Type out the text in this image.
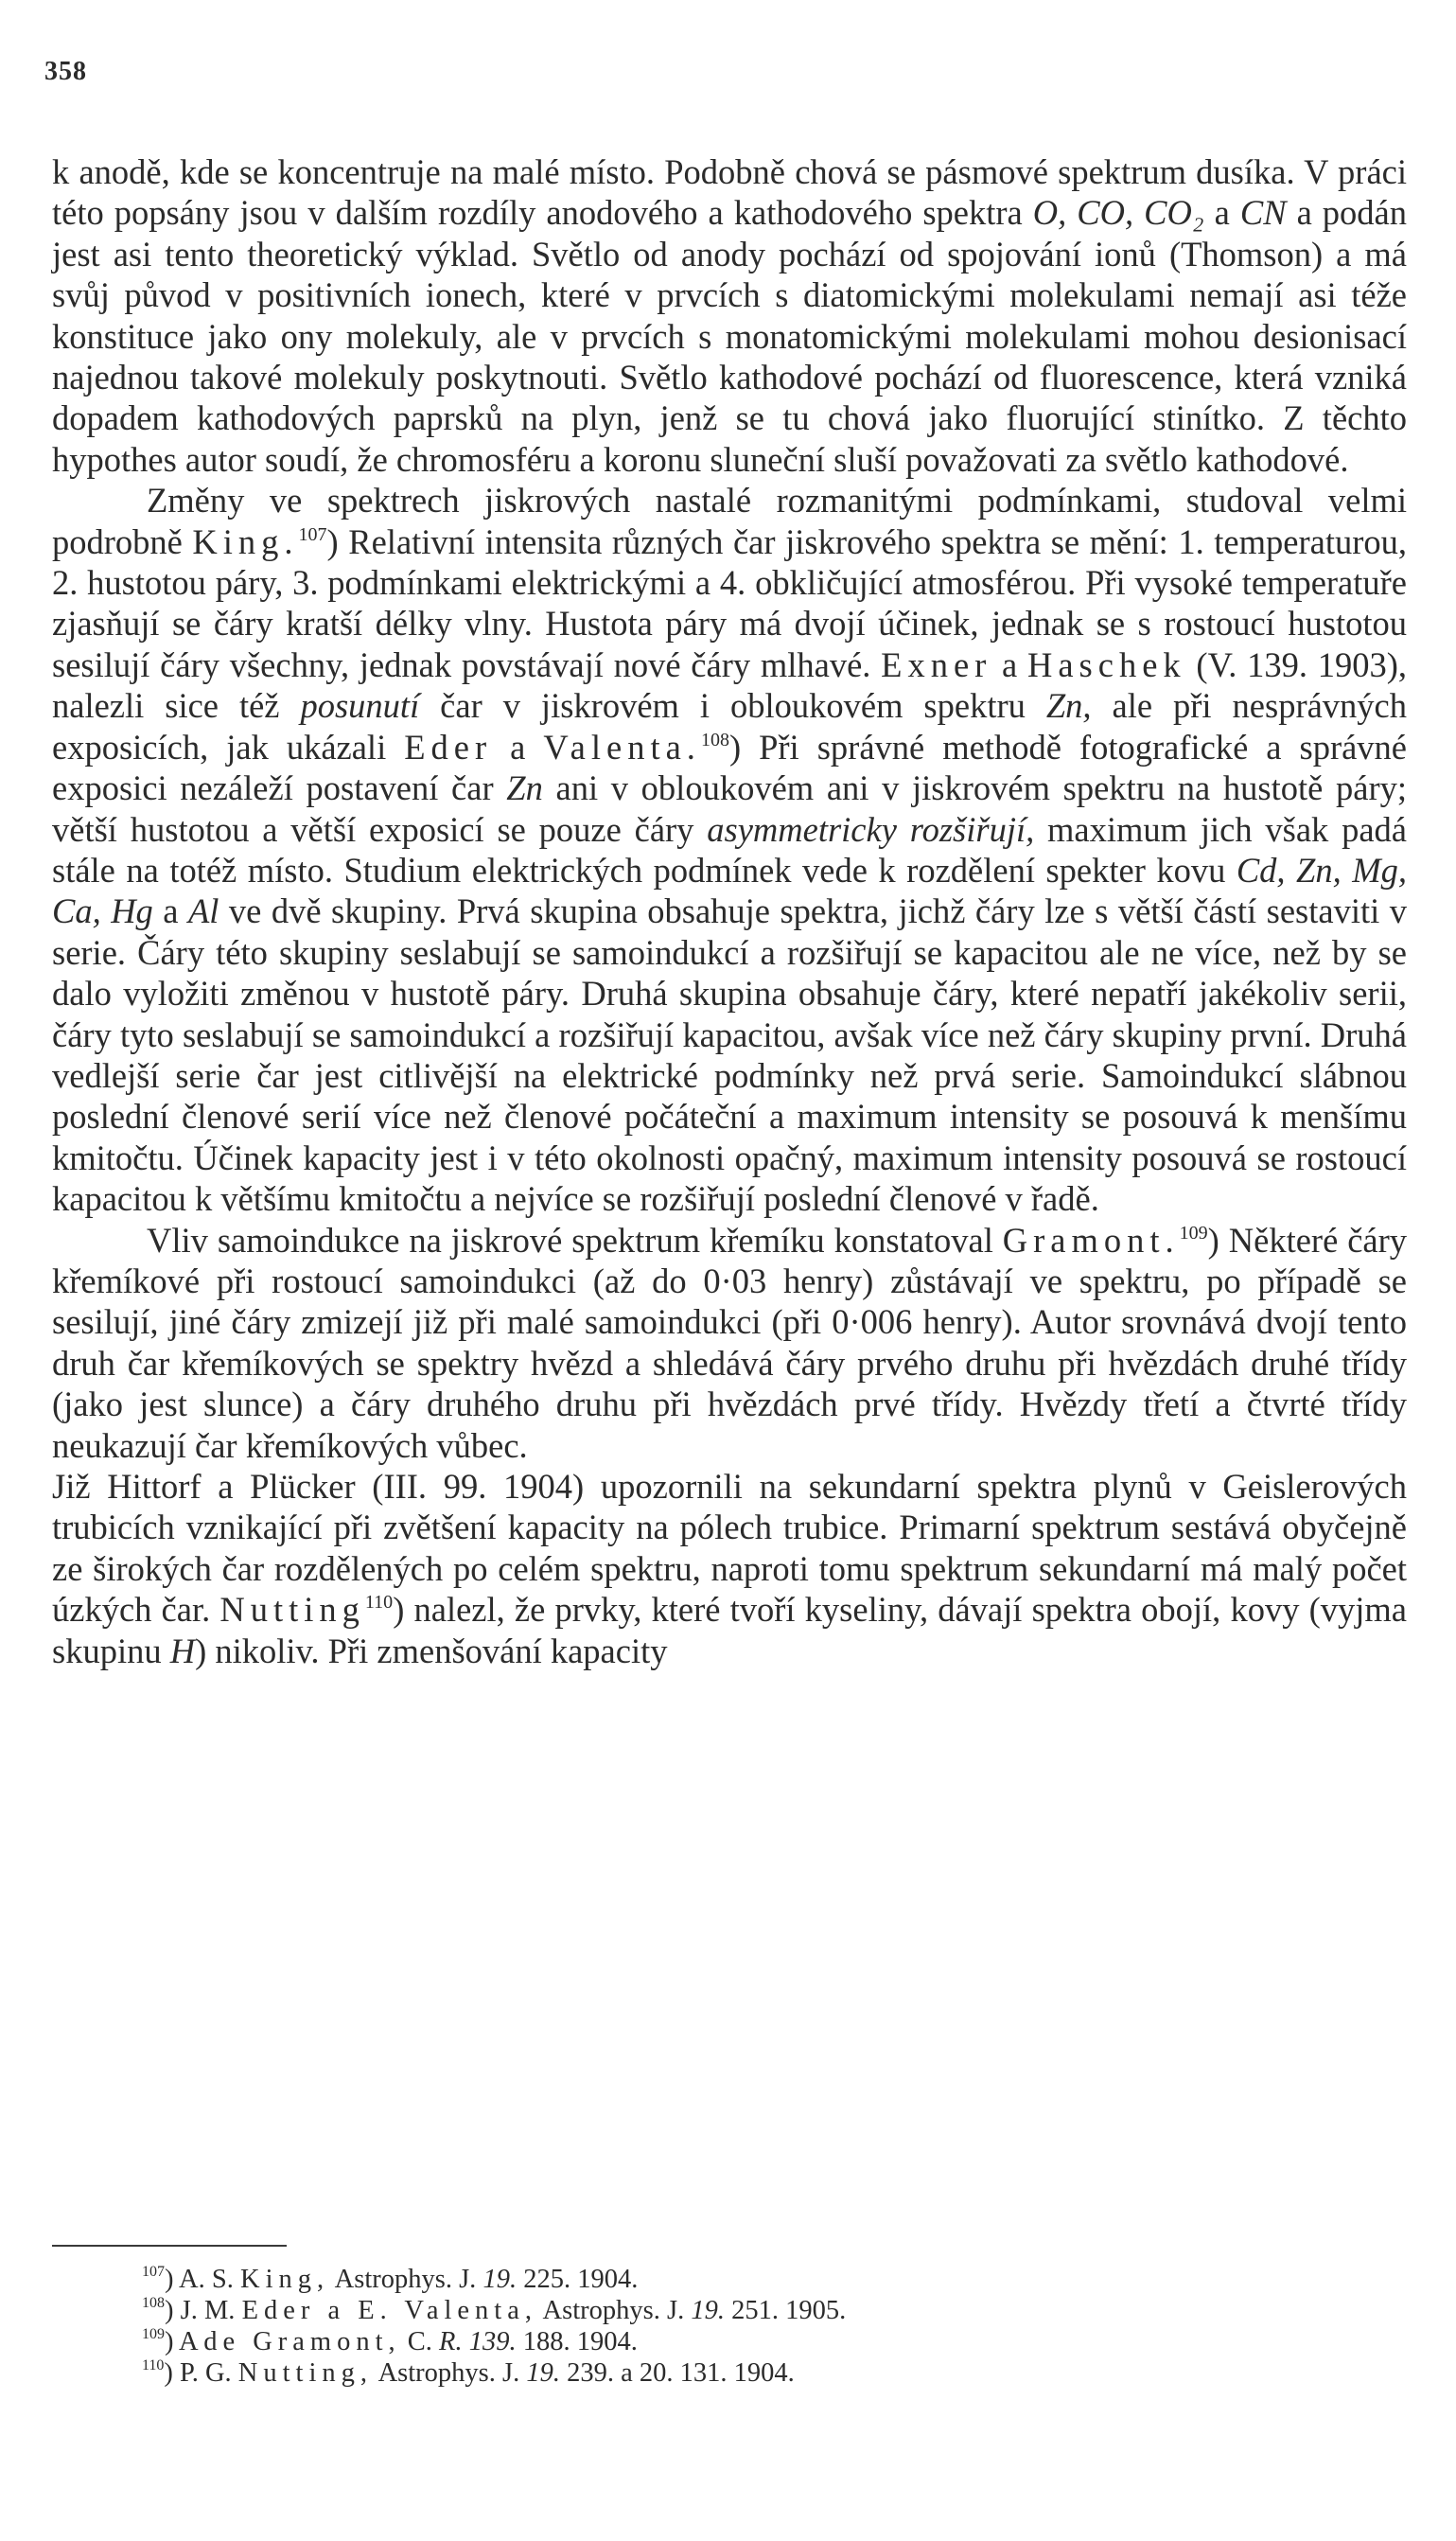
358

k anodě, kde se koncentruje na malé místo. Podobně chová se pásmové spektrum dusíka. V práci této popsány jsou v dalším rozdíly anodového a kathodového spektra O, CO, CO₂ a CN a podán jest asi tento theoretický výklad. Světlo od anody pochází od spojování ionů (Thomson) a má svůj původ v positivních ionech, které v prvcích s diatomickými molekulami nemají asi téže konstituce jako ony molekuly, ale v prvcích s monatomickými molekulami mohou desionisací najednou takové molekuly poskytnouti. Světlo kathodové pochází od fluorescence, která vzniká dopadem kathodových paprsků na plyn, jenž se tu chová jako fluorující stinítko. Z těchto hypothes autor soudí, že chromosféru a koronu sluneční sluší považovati za světlo kathodové.

Změny ve spektrech jiskrových nastalé rozmanitými podmínkami, studoval velmi podrobně King.$^{107}$) Relativní intensita různých čar jiskrového spektra se mění: 1. temperaturou, 2. hustotou páry, 3. podmínkami elektrickými a 4. obkličující atmosférou. Při vysoké temperatuře zjasňují se čáry kratší délky vlny. Hustota páry má dvojí účinek, jednak se s rostoucí hustotou sesilují čáry všechny, jednak povstávají nové čáry mlhavé. Exner a Haschek (V. 139. 1903), nalezli sice též posunutí čar v jiskrovém i obloukovém spektru Zn, ale při nesprávných exposicích, jak ukázali Eder a Valenta.$^{108}$) Při správné methodě fotografické a správné exposici nezáleží postavení čar Zn ani v obloukovém ani v jiskrovém spektru na hustotě páry; větší hustotou a větší exposicí se pouze čáry asymmetricky rozšiřují, maximum jich však padá stále na totéž místo. Studium elektrických podmínek vede k rozdělení spekter kovu Cd, Zn, Mg, Ca, Hg a Al ve dvě skupiny. Prvá skupina obsahuje spektra, jichž čáry lze s větší částí sestaviti v serie. Čáry této skupiny seslabují se samoindukcí a rozšiřují se kapacitou ale ne více, než by se dalo vyložiti změnou v hustotě páry. Druhá skupina obsahuje čáry, které nepatří jakékoliv serii, čáry tyto seslabují se samoindukcí a rozšiřují kapacitou, avšak více než čáry skupiny první. Druhá vedlejší serie čar jest citlivější na elektrické podmínky než prvá serie. Samoindukcí slábnou poslední členové serií více než členové počáteční a maximum intensity se posouvá k menšímu kmitočtu. Účinek kapacity jest i v této okolnosti opačný, maximum intensity posouvá se rostoucí kapacitou k většímu kmitočtu a nejvíce se rozšiřují poslední členové v řadě.

Vliv samoindukce na jiskrové spektrum křemíku konstatoval Gramont.$^{109}$) Některé čáry křemíkové při rostoucí samoindukci (až do 0·03 henry) zůstávají ve spektru, po případě se sesilují, jiné čáry zmizejí již při malé samoindukci (při 0·006 henry). Autor srovnává dvojí tento druh čar křemíkových se spektry hvězd a shledává čáry prvého druhu při hvězdách druhé třídy (jako jest slunce) a čáry druhého druhu při hvězdách prvé třídy. Hvězdy třetí a čtvrté třídy neukazují čar křemíkových vůbec.

Již Hittorf a Plücker (III. 99. 1904) upozornili na sekundarní spektra plynů v Geislerových trubicích vznikající při zvětšení kapacity na pólech trubice. Primarní spektrum sestává obyčejně ze širokých čar rozdělených po celém spektru, naproti tomu spektrum sekundarní má malý počet úzkých čar. Nutting$^{110}$) nalezl, že prvky, které tvoří kyseliny, dávají spektra obojí, kovy (vyjma skupinu H) nikoliv. Při zmenšování kapacity

$^{107}$) A. S. King, Astrophys. J. 19. 225. 1904.
$^{108}$) J. M. Eder a E. Valenta, Astrophys. J. 19. 251. 1905.
$^{109}$) A de Gramont, C. R. 139. 188. 1904.
$^{110}$) P. G. Nutting, Astrophys. J. 19. 239. a 20. 131. 1904.
